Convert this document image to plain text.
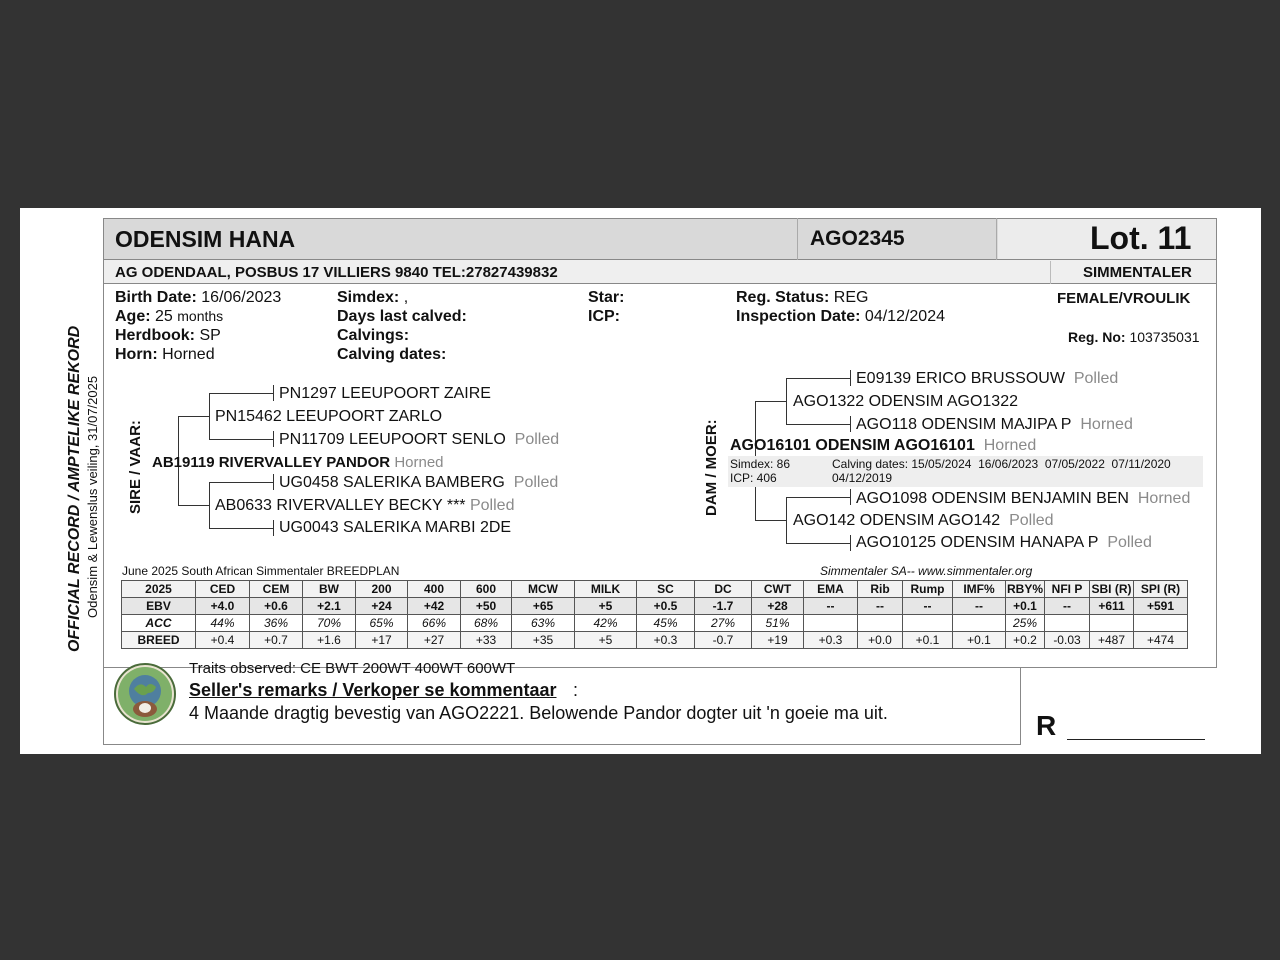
ODENSIM HANA	AGO2345	Lot. 11
AG ODENDAAL, POSBUS 17 VILLIERS 9840 TEL:27827439832	SIMMENTALER
OFFICIAL RECORD / AMPTELIKE REKORD Odensim & Lewenslus veiling, 31/07/2025
Birth Date: 16/06/2023
Age: 25 months
Herdbook: SP
Horn: Horned
Simdex: ,
Days last calved:
Calvings:
Calving dates:
Star:
ICP:
Reg. Status: REG
Inspection Date: 04/12/2024
FEMALE/VROULIK
Reg. No: 103735031
SIRE / VAAR:
PN1297 LEEUPOORT ZAIRE
PN15462 LEEUPOORT ZARLO
PN11709 LEEUPOORT SENLO Polled
AB19119 RIVERVALLEY PANDOR Horned
UG0458 SALERIKA BAMBERG Polled
AB0633 RIVERVALLEY BECKY *** Polled
UG0043 SALERIKA MARBI 2DE
DAM / MOER:
E09139 ERICO BRUSSOUW Polled
AGO1322 ODENSIM AGO1322
AGO118 ODENSIM MAJIPA P Horned
AGO16101 ODENSIM AGO16101 Horned
Simdex: 86
ICP: 406
Calving dates: 15/05/2024  16/06/2023  07/05/2022  07/11/2020
04/12/2019
AGO1098 ODENSIM BENJAMIN BEN Horned
AGO142 ODENSIM AGO142 Polled
AGO10125 ODENSIM HANAPA P Polled
June 2025 South African Simmentaler BREEDPLAN	Simmentaler SA-- www.simmentaler.org
2025	CED	CEM	BW	200	400	600	MCW	MILK	SC	DC	CWT	EMA	Rib	Rump	IMF%	RBY%	NFI P	SBI (R)	SPI (R)
EBV	+4.0	+0.6	+2.1	+24	+42	+50	+65	+5	+0.5	-1.7	+28	--	--	--	--	+0.1	--	+611	+591
ACC	44%	36%	70%	65%	66%	68%	63%	42%	45%	27%	51%					25%			
BREED	+0.4	+0.7	+1.6	+17	+27	+33	+35	+5	+0.3	-0.7	+19	+0.3	+0.0	+0.1	+0.1	+0.2	-0.03	+487	+474
Traits observed: CE BWT 200WT 400WT 600WT
Seller's remarks / Verkoper se kommentaar :
4 Maande dragtig bevestig van AGO2221. Belowende Pandor dogter uit 'n goeie ma uit.	R
